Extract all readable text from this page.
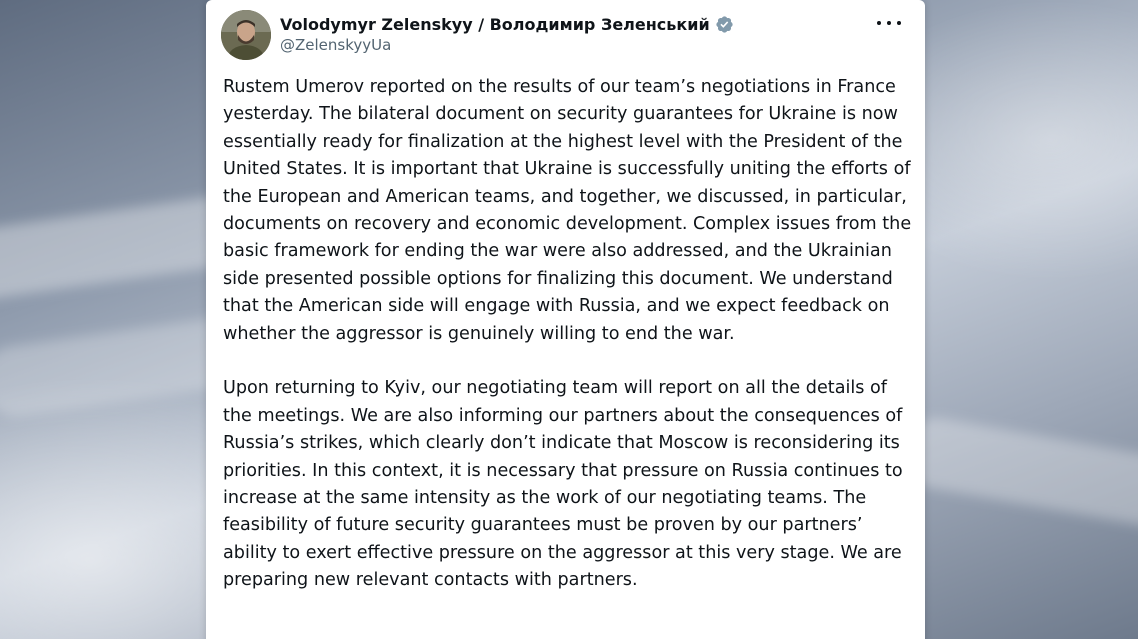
Volodymyr Zelenskyy / Володимир Зеленський
@ZelenskyyUa

Rustem Umerov reported on the results of our team’s negotiations in France yesterday. The bilateral document on security guarantees for Ukraine is now essentially ready for finalization at the highest level with the President of the United States. It is important that Ukraine is successfully uniting the efforts of the European and American teams, and together, we discussed, in particular, documents on recovery and economic development. Complex issues from the basic framework for ending the war were also addressed, and the Ukrainian side presented possible options for finalizing this document. We understand that the American side will engage with Russia, and we expect feedback on whether the aggressor is genuinely willing to end the war.

Upon returning to Kyiv, our negotiating team will report on all the details of the meetings. We are also informing our partners about the consequences of Russia’s strikes, which clearly don’t indicate that Moscow is reconsidering its priorities. In this context, it is necessary that pressure on Russia continues to increase at the same intensity as the work of our negotiating teams. The feasibility of future security guarantees must be proven by our partners’ ability to exert effective pressure on the aggressor at this very stage. We are preparing new relevant contacts with partners.
